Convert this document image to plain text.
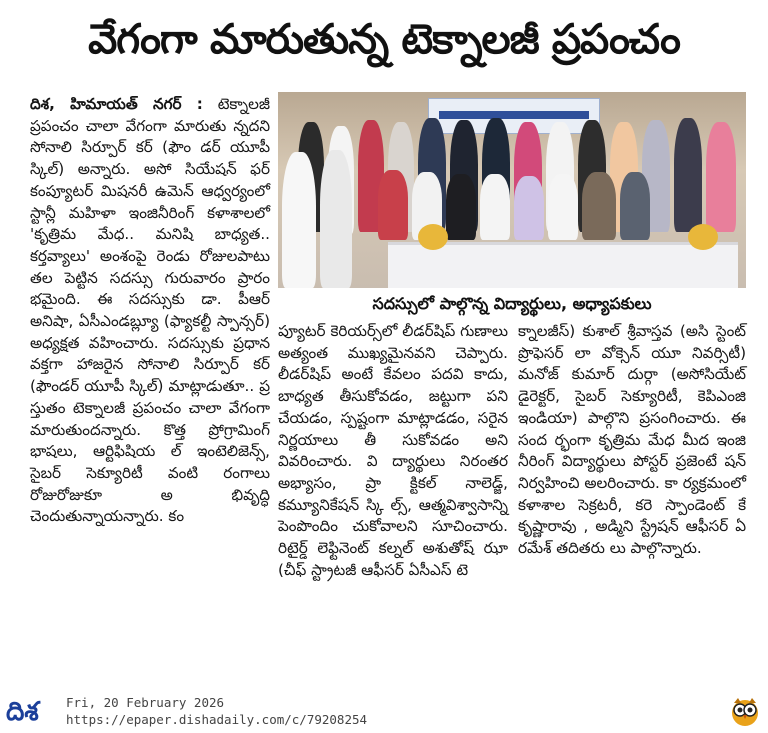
వేగంగా మారుతున్న టెక్నాలజీ ప్రపంచం

దిశ, హిమాయత్ నగర్ : టెక్నాలజీ ప్రపంచం చాలా వేగంగా మారుతు న్నదని సోనాలి సిర్పూర్ కర్ (ఫౌం డర్ యూపీ స్కిల్) అన్నారు. అసో సియేషన్ ఫర్ కంప్యూటర్ మిషనరీ ఉమెన్ ఆధ్వర్యంలో స్టాన్లీ మహిళా ఇంజినీరింగ్ కళాశాలలో 'కృత్రిమ మేధ.. మనిషి బాధ్యత.. కర్తవ్యాలు' అంశంపై రెండు రోజులపాటు తల పెట్టిన సదస్సు గురువారం ప్రారం భమైంది. ఈ సదస్సుకు డా. పీఆర్ అనిషా, ఏసీఎండబ్ల్యూ (ఫ్యాకల్టీ స్పాన్సర్) అధ్యక్షత వహించారు. సదస్సుకు ప్రధాన వక్తగా హాజరైన సోనాలి సిర్పూర్ కర్ (ఫౌండర్ యూపీ స్కిల్) మాట్లాడుతూ.. ప్ర స్తుతం టెక్నాలజీ ప్రపంచం చాలా వేగంగా మారుతుందన్నారు. కొత్త ప్రోగ్రామింగ్ భాషలు, ఆర్టిఫిషియ ల్ ఇంటెలిజెన్స్, సైబర్ సెక్యూరిటీ వంటి రంగాలు రోజురోజుకూ అ భివృద్ధి చెందుతున్నాయన్నారు. కం

సదస్సులో పాల్గొన్న విద్యార్థులు, అధ్యాపకులు

ప్యూటర్ కెరియర్స్‌లో లీడర్‌షిప్ గుణాలు అత్యంత ముఖ్యమైనవని చెప్పారు. లీడర్‌షిప్ అంటే కేవలం పదవి కాదు, బాధ్యత తీసుకోవడం, జట్టుగా పని చేయడం, స్పష్టంగా మాట్లాడడం, సరైన నిర్ణయాలు తీ సుకోవడం అని వివరించారు. వి ద్యార్థులు నిరంతర అభ్యాసం, ప్రా క్టికల్ నాలెడ్జ్, కమ్యూనికేషన్ స్కి ల్స్, ఆత్మవిశ్వాసాన్ని పెంపొందిం చుకోవాలని సూచించారు. రిటైర్డ్ లెఫ్టినెంట్ కల్నల్ అశుతోష్ ఝా (చీఫ్ స్ట్రాటజీ ఆఫీసర్ ఏసీఎస్ టె

క్నాలజీస్) కుశాల్ శ్రీవాస్తవ (అసి స్టెంట్ ప్రొఫెసర్ లా వోక్సెన్ యూ నివర్సిటీ) మనోజ్ కుమార్ దుర్గా (అసోసియేట్ డైరెక్టర్, సైబర్ సెక్యూరిటీ, కెపిఎంజి ఇండియా) పాల్గొని ప్రసంగించారు. ఈ సంద ర్భంగా కృత్రిమ మేధ మీద ఇంజి నీరింగ్ విద్యార్థులు పోస్టర్ ప్రజెంటే షన్ నిర్వహించి అలరించారు. కా ర్యక్రమంలో కళాశాల సెక్రటరీ, కరె స్పాండెంట్ కే కృష్ణారావు , అడ్మిని స్ట్రేషన్ ఆఫీసర్ ఏ రమేశ్ తదితరు లు పాల్గొన్నారు.

దిశ	Fri, 20 February 2026
https://epaper.dishadaily.com/c/79208254
